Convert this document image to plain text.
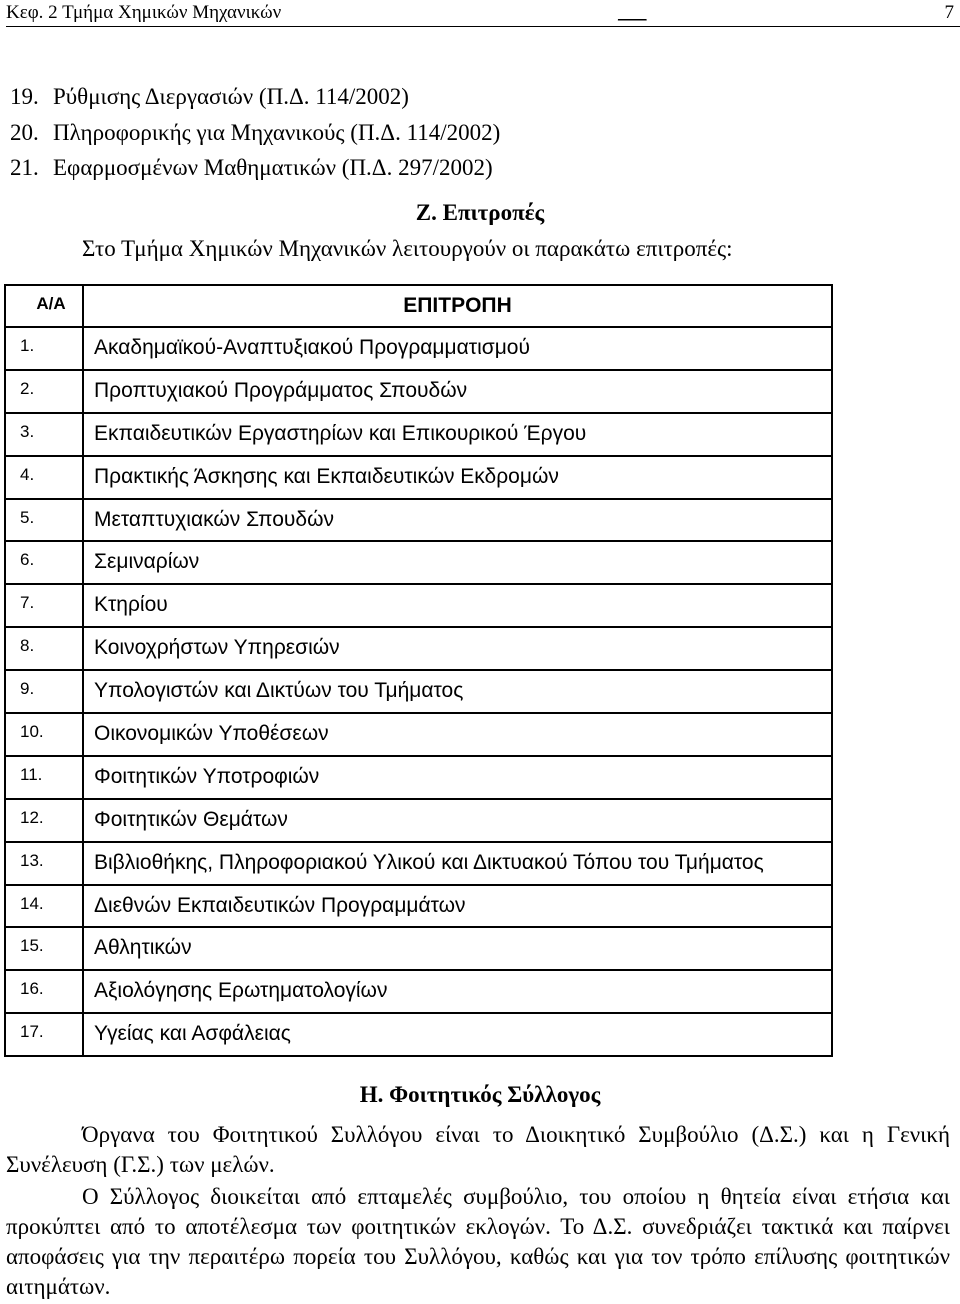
Κεφ. 2 Τμήμα Χημικών Μηχανικών	___	7
19. Ρύθμισης Διεργασιών (Π.Δ. 114/2002)
20. Πληροφορικής για Μηχανικούς (Π.Δ. 114/2002)
21. Εφαρμοσμένων Μαθηματικών (Π.Δ. 297/2002)
Ζ. Επιτροπές
Στο Τμήμα Χημικών Μηχανικών λειτουργούν οι παρακάτω επιτροπές:
Α/Α	ΕΠΙΤΡΟΠΗ
1.	Ακαδημαϊκού-Αναπτυξιακού Προγραμματισμού
2.	Προπτυχιακού Προγράμματος Σπουδών
3.	Εκπαιδευτικών Εργαστηρίων και Επικουρικού Έργου
4.	Πρακτικής Άσκησης και Εκπαιδευτικών Εκδρομών
5.	Μεταπτυχιακών Σπουδών
6.	Σεμιναρίων
7.	Κτηρίου
8.	Κοινοχρήστων Υπηρεσιών
9.	Υπολογιστών και Δικτύων του Τμήματος
10.	Οικονομικών Υποθέσεων
11.	Φοιτητικών Υποτροφιών
12.	Φοιτητικών Θεμάτων
13.	Βιβλιοθήκης, Πληροφοριακού Υλικού και Δικτυακού Τόπου του Τμήματος
14.	Διεθνών Εκπαιδευτικών Προγραμμάτων
15.	Αθλητικών
16.	Αξιολόγησης Ερωτηματολογίων
17.	Υγείας και Ασφάλειας
Η. Φοιτητικός Σύλλογος
Όργανα του Φοιτητικού Συλλόγου είναι το Διοικητικό Συμβούλιο (Δ.Σ.) και η Γενική Συνέλευση (Γ.Σ.) των μελών.
Ο Σύλλογος διοικείται από επταμελές συμβούλιο, του οποίου η θητεία είναι ετήσια και προκύπτει από το αποτέλεσμα των φοιτητικών εκλογών. Το Δ.Σ. συνεδριάζει τακτικά και παίρνει αποφάσεις για την περαιτέρω πορεία του Συλλόγου, καθώς και για τον τρόπο επίλυσης φοιτητικών αιτημάτων.
